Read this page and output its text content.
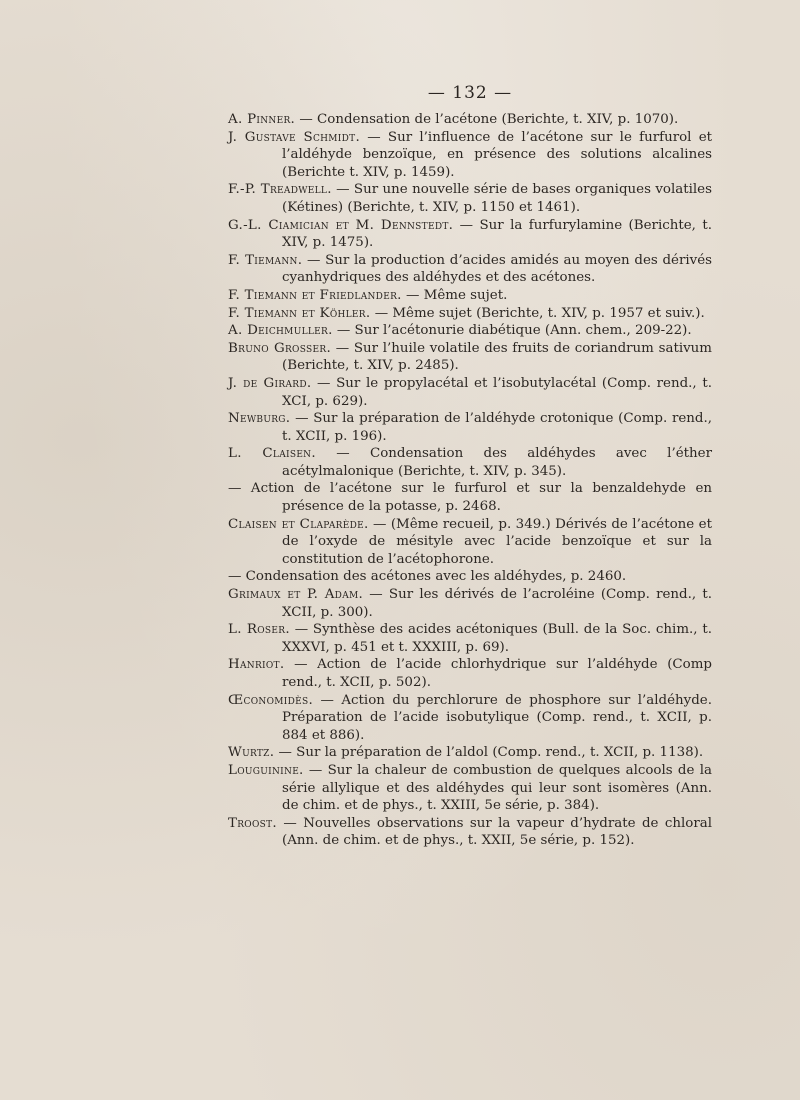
— 132 —

A. Pinner. — Condensation de l’acétone (Berichte, t. XIV, p. 1070).

J. Gustave Schmidt. — Sur l’influence de l’acétone sur le furfurol et l’aldéhyde benzoïque, en présence des solutions alcalines (Berichte t. XIV, p. 1459).

F.-P. Treadwell. — Sur une nouvelle série de bases organiques volatiles (Kétines) (Berichte, t. XIV, p. 1150 et 1461).

G.-L. Ciamician et M. Dennstedt. — Sur la furfurylamine (Berichte, t. XIV, p. 1475).

F. Tiemann. — Sur la production d’acides amidés au moyen des dérivés cyanhydriques des aldéhydes et des acétones.

F. Tiemann et Friedlander. — Même sujet.

F. Tiemann et Köhler. — Même sujet (Berichte, t. XIV, p. 1957 et suiv.).

A. Deichmuller. — Sur l’acétonurie diabétique (Ann. chem., 209-22).

Bruno Grosser. — Sur l’huile volatile des fruits de coriandrum sativum (Berichte, t. XIV, p. 2485).

J. de Girard. — Sur le propylacétal et l’isobutylacétal (Comp. rend., t. XCI, p. 629).

Newburg. — Sur la préparation de l’aldéhyde crotonique (Comp. rend., t. XCII, p. 196).

L. Claisen. — Condensation des aldéhydes avec l’éther acétylmalonique (Berichte, t. XIV, p. 345).

— Action de l’acétone sur le furfurol et sur la benzaldehyde en présence de la potasse, p. 2468.

Claisen et Claparède. — (Même recueil, p. 349.) Dérivés de l’acétone et de l’oxyde de mésityle avec l’acide benzoïque et sur la constitution de l’acétophorone.

— Condensation des acétones avec les aldéhydes, p. 2460.

Grimaux et P. Adam. — Sur les dérivés de l’acroléine (Comp. rend., t. XCII, p. 300).

L. Roser. — Synthèse des acides acétoniques (Bull. de la Soc. chim., t. XXXVI, p. 451 et t. XXXIII, p. 69).

Hanriot. — Action de l’acide chlorhydrique sur l’aldéhyde (Comp rend., t. XCII, p. 502).

Œconomidès. — Action du perchlorure de phosphore sur l’aldéhyde. Préparation de l’acide isobutylique (Comp. rend., t. XCII, p. 884 et 886).

Wurtz. — Sur la préparation de l’aldol (Comp. rend., t. XCII, p. 1138).

Louguinine. — Sur la chaleur de combustion de quelques alcools de la série allylique et des aldéhydes qui leur sont isomères (Ann. de chim. et de phys., t. XXIII, 5e série, p. 384).

Troost. — Nouvelles observations sur la vapeur d’hydrate de chloral (Ann. de chim. et de phys., t. XXII, 5e série, p. 152).
